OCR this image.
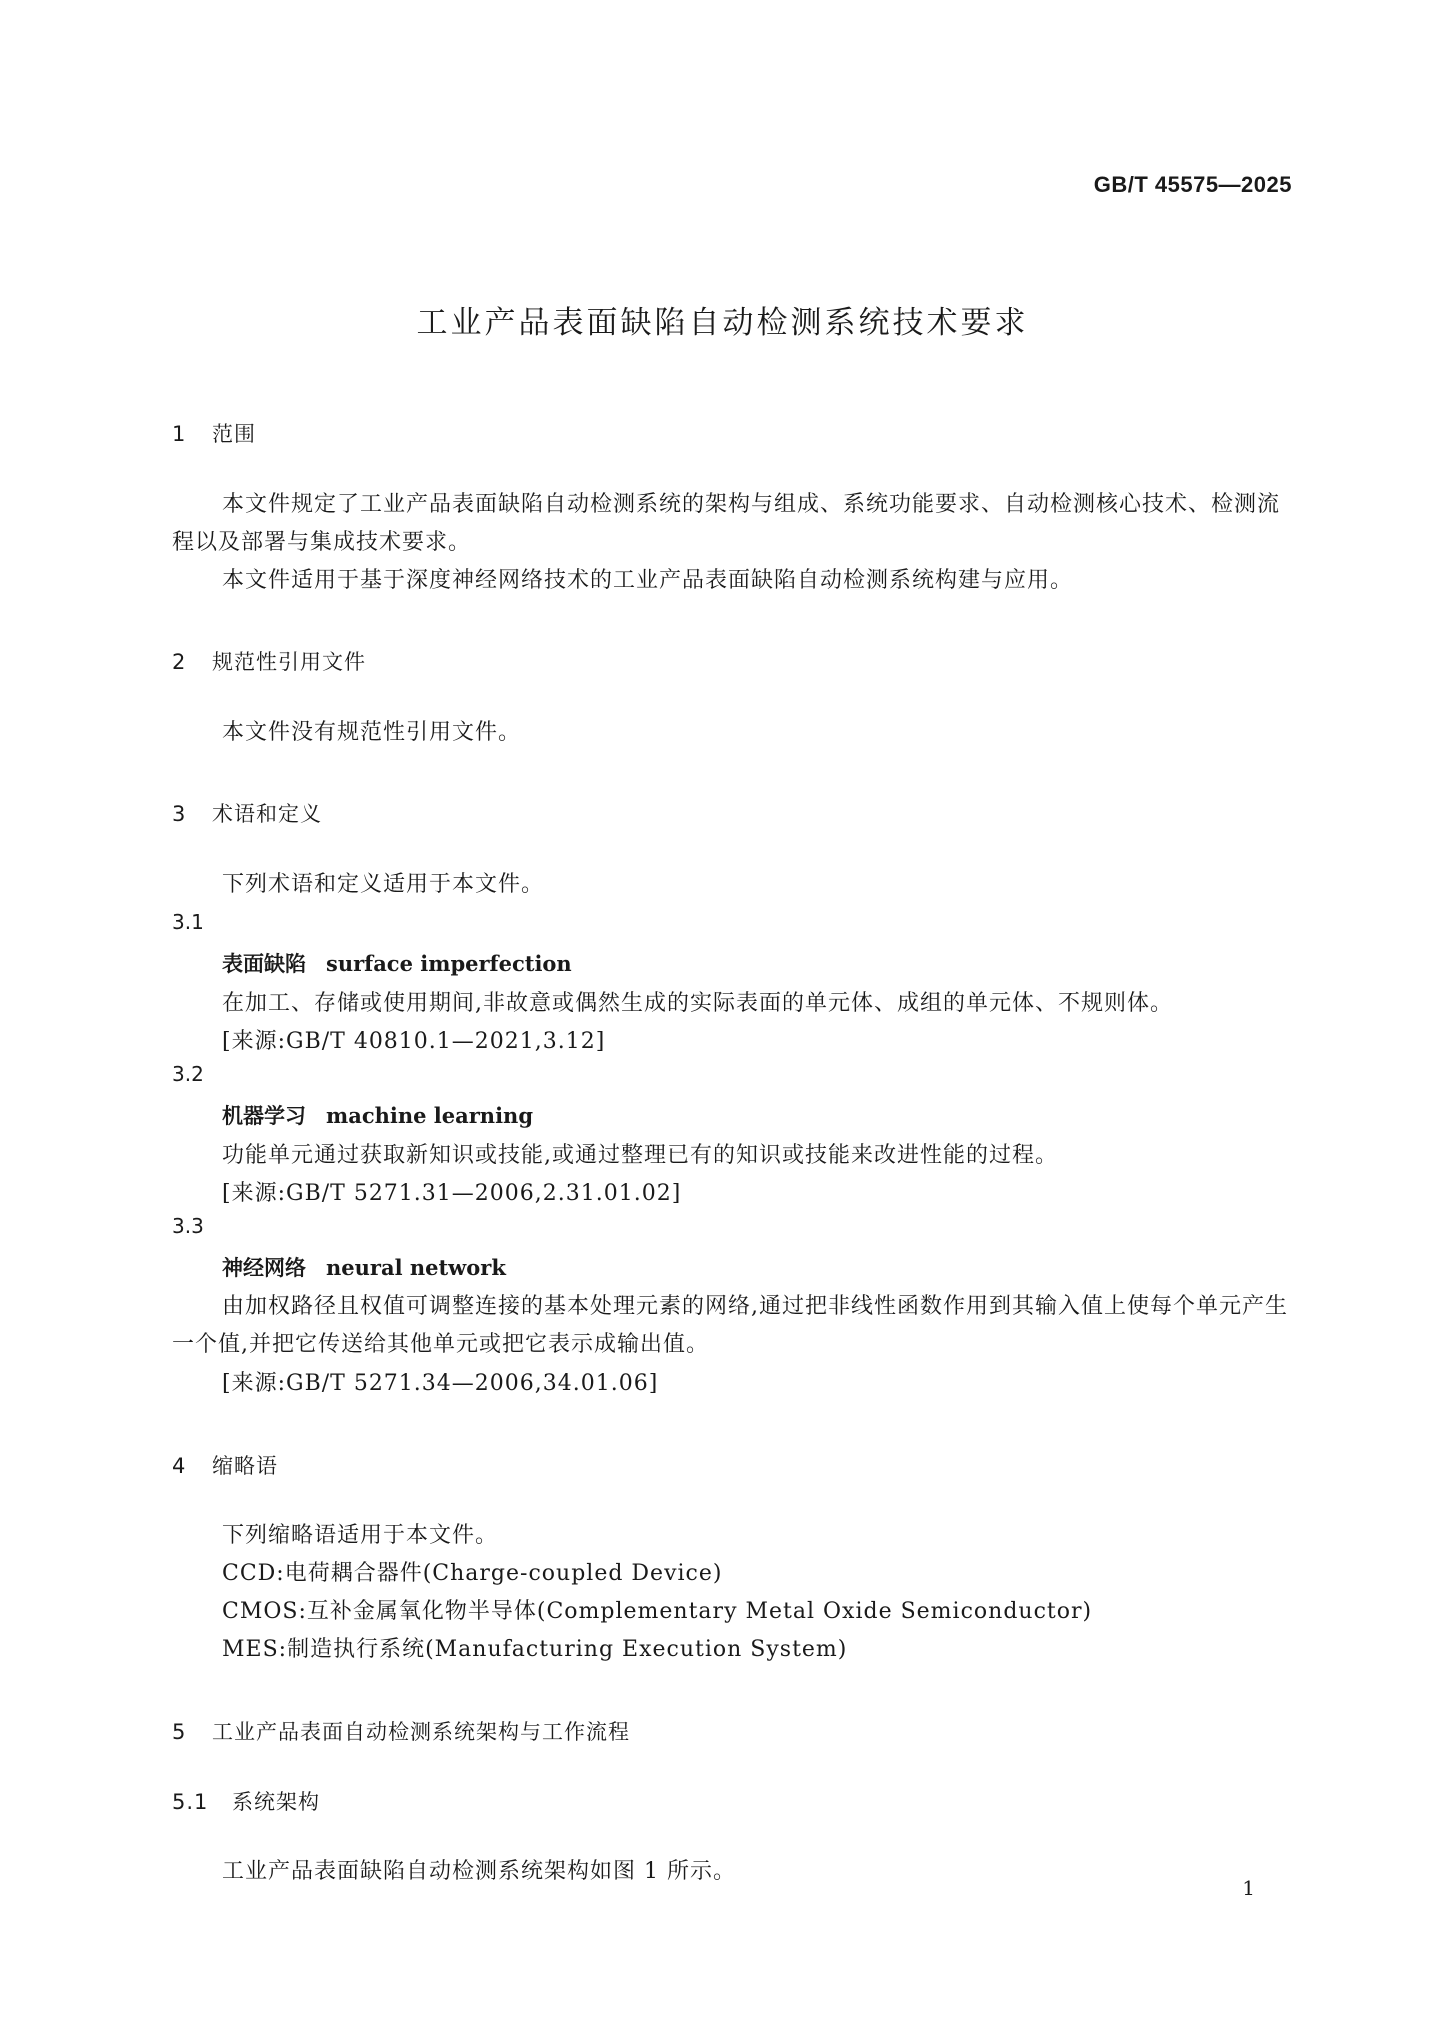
GB/T 45575—2025
工业产品表面缺陷自动检测系统技术要求
1 范围
本文件规定了工业产品表面缺陷自动检测系统的架构与组成、系统功能要求、自动检测核心技术、检测流程以及部署与集成技术要求。
本文件适用于基于深度神经网络技术的工业产品表面缺陷自动检测系统构建与应用。
2 规范性引用文件
本文件没有规范性引用文件。
3 术语和定义
下列术语和定义适用于本文件。
3.1
表面缺陷 surface imperfection
在加工、存储或使用期间,非故意或偶然生成的实际表面的单元体、成组的单元体、不规则体。
[来源:GB/T 40810.1—2021,3.12]
3.2
机器学习 machine learning
功能单元通过获取新知识或技能,或通过整理已有的知识或技能来改进性能的过程。
[来源:GB/T 5271.31—2006,2.31.01.02]
3.3
神经网络 neural network
由加权路径且权值可调整连接的基本处理元素的网络,通过把非线性函数作用到其输入值上使每个单元产生一个值,并把它传送给其他单元或把它表示成输出值。
[来源:GB/T 5271.34—2006,34.01.06]
4 缩略语
下列缩略语适用于本文件。
CCD:电荷耦合器件(Charge-coupled Device)
CMOS:互补金属氧化物半导体(Complementary Metal Oxide Semiconductor)
MES:制造执行系统(Manufacturing Execution System)
5 工业产品表面自动检测系统架构与工作流程
5.1 系统架构
工业产品表面缺陷自动检测系统架构如图 1 所示。
1
